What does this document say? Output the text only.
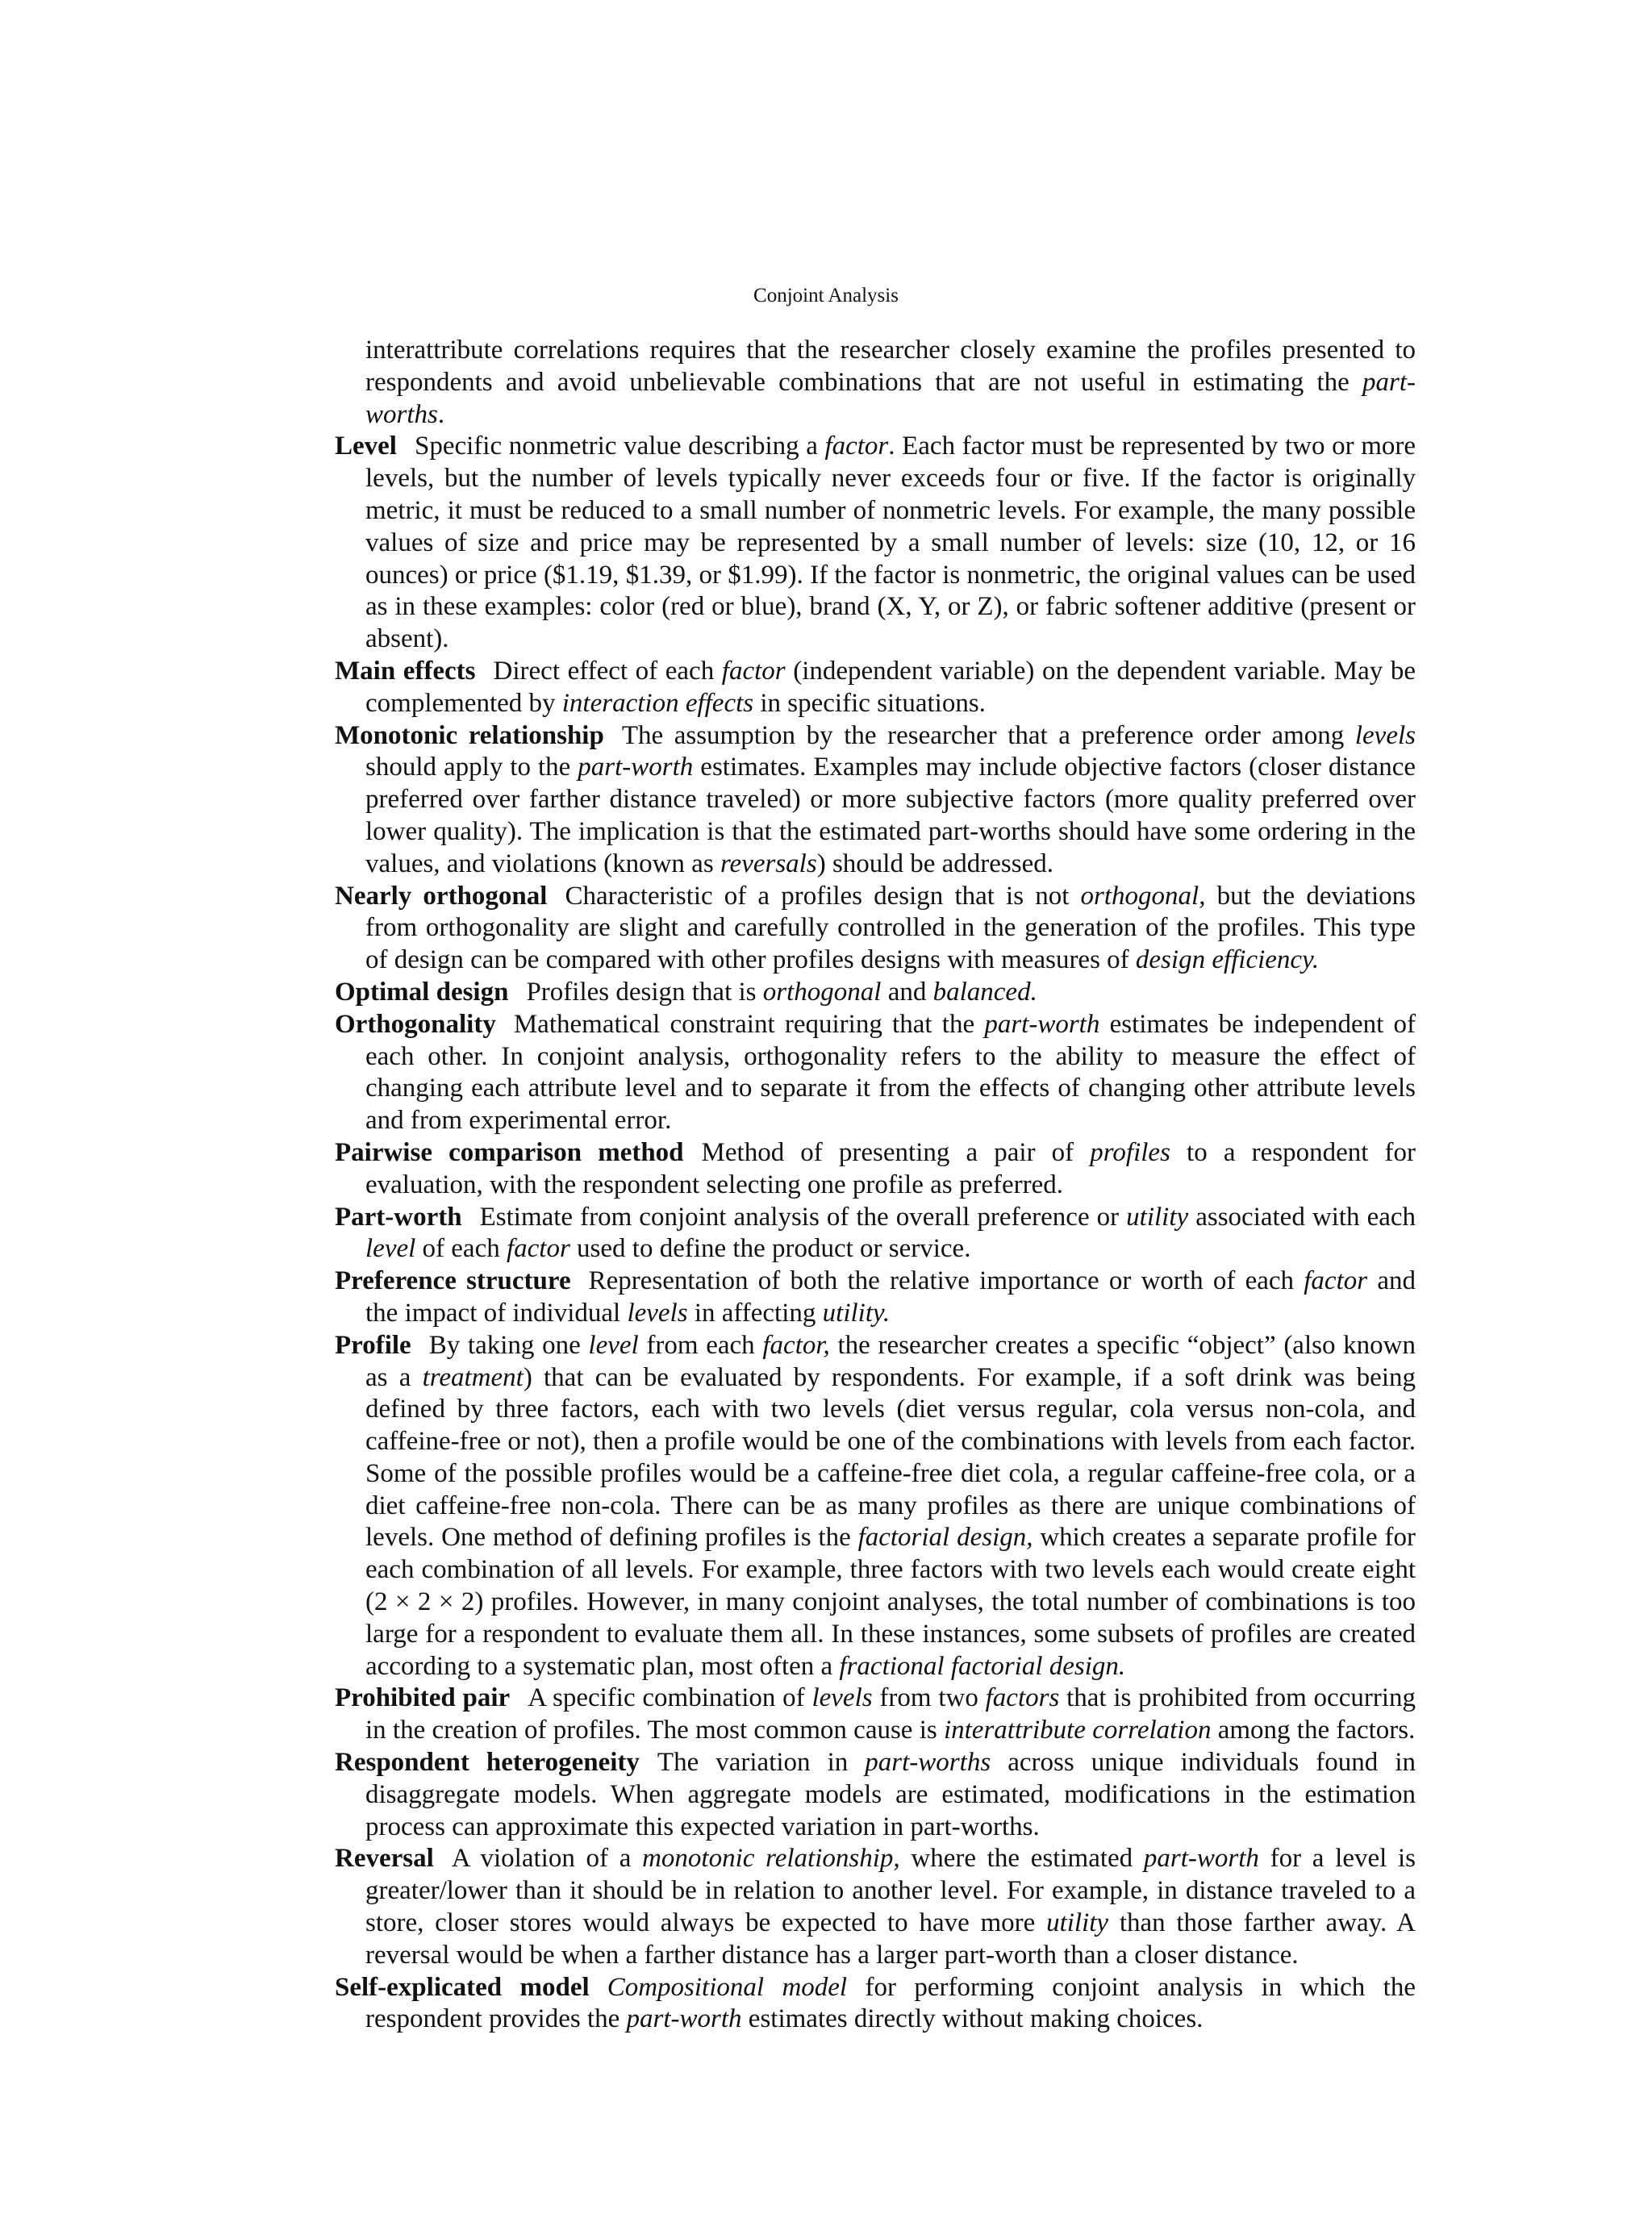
Conjoint Analysis

interattribute correlations requires that the researcher closely examine the profiles presented to respondents and avoid unbelievable combinations that are not useful in estimating the part-worths.

Level Specific nonmetric value describing a factor. Each factor must be represented by two or more levels, but the number of levels typically never exceeds four or five. If the factor is originally metric, it must be reduced to a small number of nonmetric levels. For example, the many possible values of size and price may be represented by a small number of levels: size (10, 12, or 16 ounces) or price ($1.19, $1.39, or $1.99). If the factor is nonmetric, the original values can be used as in these examples: color (red or blue), brand (X, Y, or Z), or fabric softener additive (present or absent).

Main effects Direct effect of each factor (independent variable) on the dependent variable. May be complemented by interaction effects in specific situations.

Monotonic relationship The assumption by the researcher that a preference order among levels should apply to the part-worth estimates. Examples may include objective factors (closer distance preferred over farther distance traveled) or more subjective factors (more quality preferred over lower quality). The implication is that the estimated part-worths should have some ordering in the values, and violations (known as reversals) should be addressed.

Nearly orthogonal Characteristic of a profiles design that is not orthogonal, but the deviations from orthogonality are slight and carefully controlled in the generation of the profiles. This type of design can be compared with other profiles designs with measures of design efficiency.

Optimal design Profiles design that is orthogonal and balanced.

Orthogonality Mathematical constraint requiring that the part-worth estimates be independent of each other. In conjoint analysis, orthogonality refers to the ability to measure the effect of changing each attribute level and to separate it from the effects of changing other attribute levels and from experimental error.

Pairwise comparison method Method of presenting a pair of profiles to a respondent for evaluation, with the respondent selecting one profile as preferred.

Part-worth Estimate from conjoint analysis of the overall preference or utility associated with each level of each factor used to define the product or service.

Preference structure Representation of both the relative importance or worth of each factor and the impact of individual levels in affecting utility.

Profile By taking one level from each factor, the researcher creates a specific “object” (also known as a treatment) that can be evaluated by respondents. For example, if a soft drink was being defined by three factors, each with two levels (diet versus regular, cola versus non-cola, and caffeine-free or not), then a profile would be one of the combinations with levels from each factor. Some of the possible profiles would be a caffeine-free diet cola, a regular caffeine-free cola, or a diet caffeine-free non-cola. There can be as many profiles as there are unique combinations of levels. One method of defining profiles is the factorial design, which creates a separate profile for each combination of all levels. For example, three factors with two levels each would create eight (2 × 2 × 2) profiles. However, in many conjoint analyses, the total number of combinations is too large for a respondent to evaluate them all. In these instances, some subsets of profiles are created according to a systematic plan, most often a fractional factorial design.

Prohibited pair A specific combination of levels from two factors that is prohibited from occurring in the creation of profiles. The most common cause is interattribute correlation among the factors.

Respondent heterogeneity The variation in part-worths across unique individuals found in disaggregate models. When aggregate models are estimated, modifications in the estimation process can approximate this expected variation in part-worths.

Reversal A violation of a monotonic relationship, where the estimated part-worth for a level is greater/lower than it should be in relation to another level. For example, in distance traveled to a store, closer stores would always be expected to have more utility than those farther away. A reversal would be when a farther distance has a larger part-worth than a closer distance.

Self-explicated model Compositional model for performing conjoint analysis in which the respondent provides the part-worth estimates directly without making choices.
